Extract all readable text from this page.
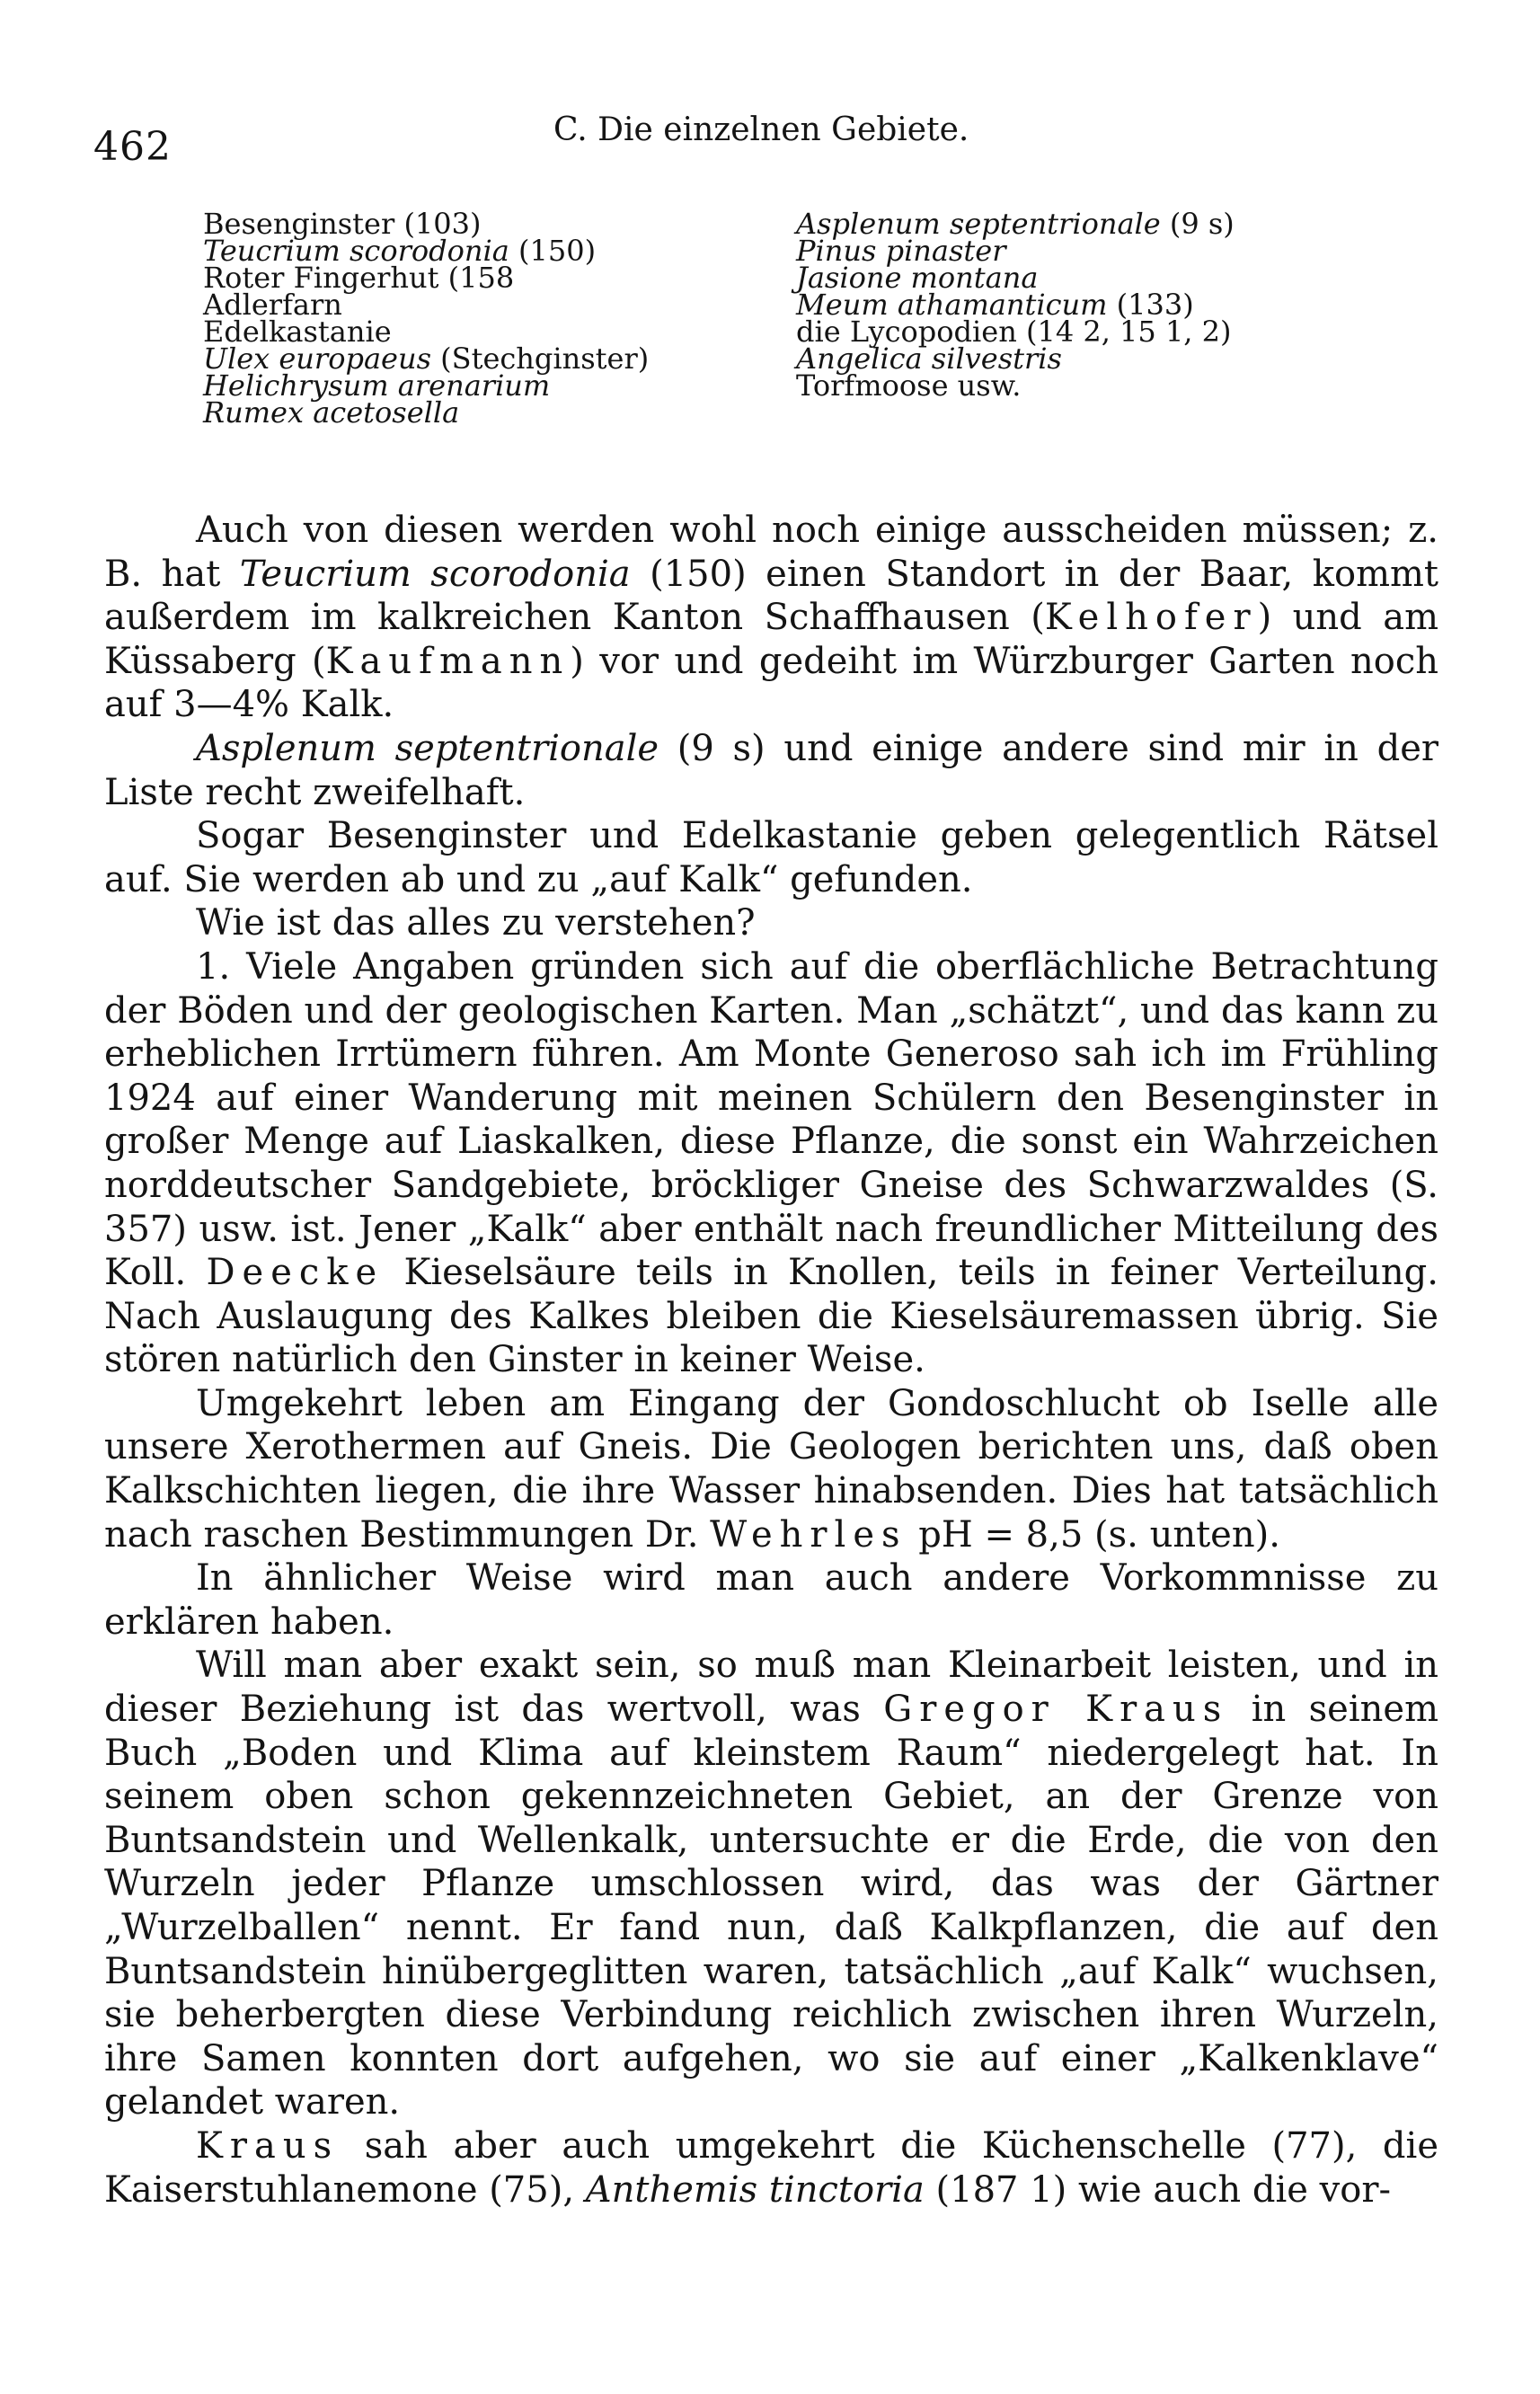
462	C. Die einzelnen Gebiete.
Besenginster (103)
Teucrium scorodonia (150)
Roter Fingerhut (158
Adlerfarn
Edelkastanie
Ulex europaeus (Stechginster)
Helichrysum arenarium
Rumex acetosella
Asplenum septentrionale (9 s)
Pinus pinaster
Jasione montana
Meum athamanticum (133)
die Lycopodien (14 2, 15 1, 2)
Angelica silvestris
Torfmoose usw.

Auch von diesen werden wohl noch einige ausscheiden müssen; z. B. hat Teucrium scorodonia (150) einen Standort in der Baar, kommt außerdem im kalkreichen Kanton Schaffhausen (Kelhofer) und am Küssaberg (Kaufmann) vor und gedeiht im Würzburger Garten noch auf 3—4% Kalk.

Asplenum septentrionale (9 s) und einige andere sind mir in der Liste recht zweifelhaft.

Sogar Besenginster und Edelkastanie geben gelegentlich Rätsel auf. Sie werden ab und zu „auf Kalk“ gefunden.

Wie ist das alles zu verstehen?

1. Viele Angaben gründen sich auf die oberflächliche Betrachtung der Böden und der geologischen Karten. Man „schätzt“, und das kann zu erheblichen Irrtümern führen. Am Monte Generoso sah ich im Frühling 1924 auf einer Wanderung mit meinen Schülern den Besenginster in großer Menge auf Liaskalken, diese Pflanze, die sonst ein Wahrzeichen norddeutscher Sandgebiete, bröckliger Gneise des Schwarzwaldes (S. 357) usw. ist. Jener „Kalk“ aber enthält nach freundlicher Mitteilung des Koll. Deecke Kieselsäure teils in Knollen, teils in feiner Verteilung. Nach Auslaugung des Kalkes bleiben die Kieselsäuremassen übrig. Sie stören natürlich den Ginster in keiner Weise.

Umgekehrt leben am Eingang der Gondoschlucht ob Iselle alle unsere Xerothermen auf Gneis. Die Geologen berichten uns, daß oben Kalkschichten liegen, die ihre Wasser hinabsenden. Dies hat tatsächlich nach raschen Bestimmungen Dr. Wehrles pH = 8,5 (s. unten).

In ähnlicher Weise wird man auch andere Vorkommnisse zu erklären haben.

Will man aber exakt sein, so muß man Kleinarbeit leisten, und in dieser Beziehung ist das wertvoll, was Gregor Kraus in seinem Buch „Boden und Klima auf kleinstem Raum“ niedergelegt hat. In seinem oben schon gekennzeichneten Gebiet, an der Grenze von Buntsandstein und Wellenkalk, untersuchte er die Erde, die von den Wurzeln jeder Pflanze umschlossen wird, das was der Gärtner „Wurzelballen“ nennt. Er fand nun, daß Kalkpflanzen, die auf den Buntsandstein hinübergeglitten waren, tatsächlich „auf Kalk“ wuchsen, sie beherbergten diese Verbindung reichlich zwischen ihren Wurzeln, ihre Samen konnten dort aufgehen, wo sie auf einer „Kalkenklave“ gelandet waren.

Kraus sah aber auch umgekehrt die Küchenschelle (77), die Kaiserstuhlanemone (75), Anthemis tinctoria (187 1) wie auch die vor-
